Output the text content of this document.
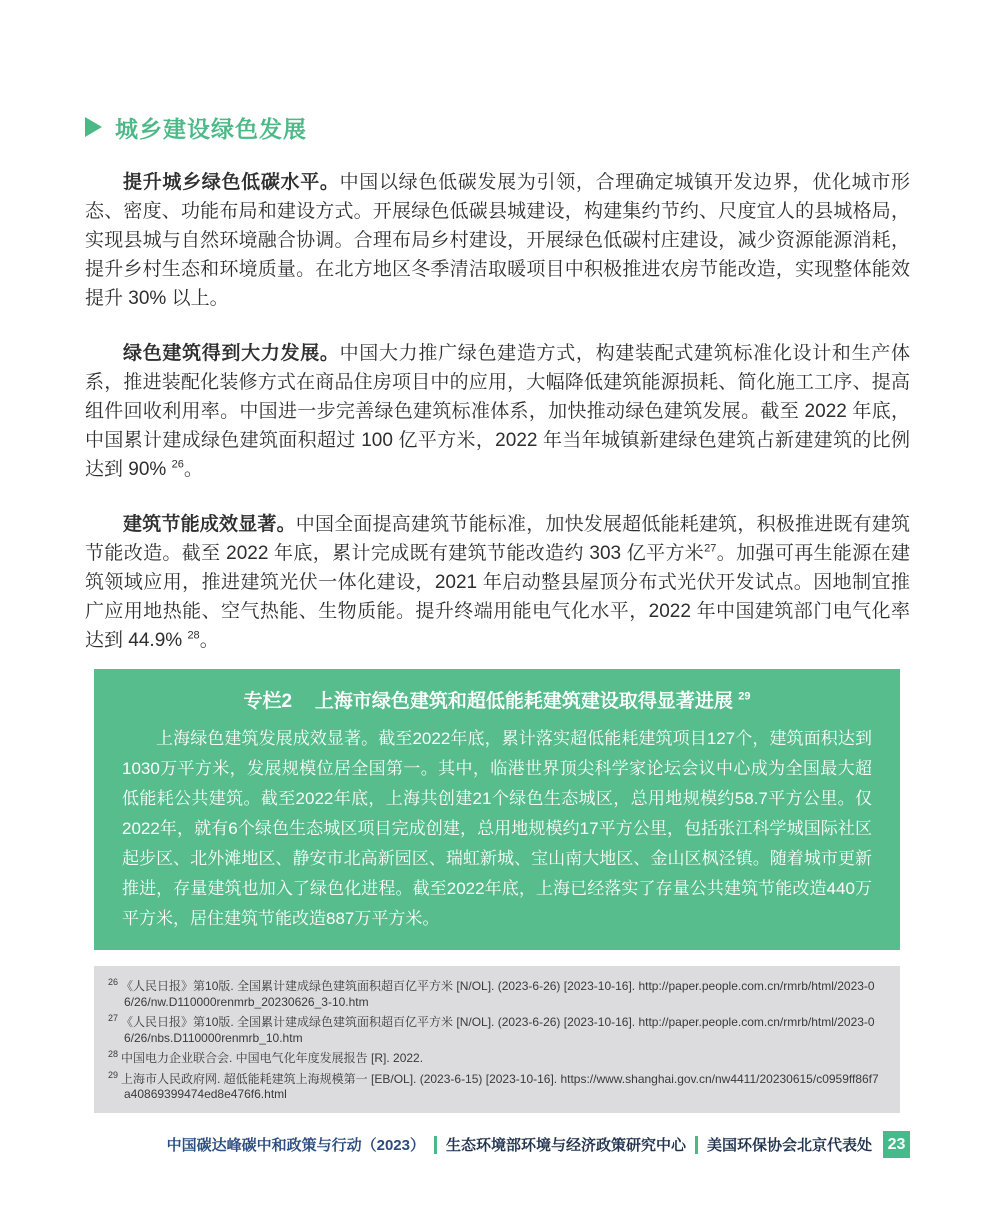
城乡建设绿色发展

提升城乡绿色低碳水平。中国以绿色低碳发展为引领，合理确定城镇开发边界，优化城市形态、密度、功能布局和建设方式。开展绿色低碳县城建设，构建集约节约、尺度宜人的县城格局，实现县城与自然环境融合协调。合理布局乡村建设，开展绿色低碳村庄建设，减少资源能源消耗，提升乡村生态和环境质量。在北方地区冬季清洁取暖项目中积极推进农房节能改造，实现整体能效提升 30% 以上。

绿色建筑得到大力发展。中国大力推广绿色建造方式，构建装配式建筑标准化设计和生产体系，推进装配化装修方式在商品住房项目中的应用，大幅降低建筑能源损耗、简化施工工序、提高组件回收利用率。中国进一步完善绿色建筑标准体系，加快推动绿色建筑发展。截至 2022 年底，中国累计建成绿色建筑面积超过 100 亿平方米，2022 年当年城镇新建绿色建筑占新建建筑的比例达到 90% $^{26}$。

建筑节能成效显著。中国全面提高建筑节能标准，加快发展超低能耗建筑，积极推进既有建筑节能改造。截至 2022 年底，累计完成既有建筑节能改造约 303 亿平方米$^{27}$。加强可再生能源在建筑领域应用，推进建筑光伏一体化建设，2021 年启动整县屋顶分布式光伏开发试点。因地制宜推广应用地热能、空气热能、生物质能。提升终端用能电气化水平，2022 年中国建筑部门电气化率达到 44.9% $^{28}$。

专栏2 上海市绿色建筑和超低能耗建筑建设取得显著进展 $^{29}$
上海绿色建筑发展成效显著。截至2022年底，累计落实超低能耗建筑项目127个，建筑面积达到1030万平方米，发展规模位居全国第一。其中，临港世界顶尖科学家论坛会议中心成为全国最大超低能耗公共建筑。截至2022年底，上海共创建21个绿色生态城区，总用地规模约58.7平方公里。仅2022年，就有6个绿色生态城区项目完成创建，总用地规模约17平方公里，包括张江科学城国际社区起步区、北外滩地区、静安市北高新园区、瑞虹新城、宝山南大地区、金山区枫泾镇。随着城市更新推进，存量建筑也加入了绿色化进程。截至2022年底，上海已经落实了存量公共建筑节能改造440万平方米，居住建筑节能改造887万平方米。
$^{26}$ 《人民日报》第10版. 全国累计建成绿色建筑面积超百亿平方米 [N/OL]. (2023-6-26) [2023-10-16]. http://paper.people.com.cn/rmrb/html/2023-06/26/nw.D110000renmrb_20230626_3-10.htm
$^{27}$ 《人民日报》第10版. 全国累计建成绿色建筑面积超百亿平方米 [N/OL]. (2023-6-26) [2023-10-16]. http://paper.people.com.cn/rmrb/html/2023-06/26/nbs.D110000renmrb_10.htm
$^{28}$ 中国电力企业联合会. 中国电气化年度发展报告 [R]. 2022.
$^{29}$ 上海市人民政府网. 超低能耗建筑上海规模第一 [EB/OL]. (2023-6-15) [2023-10-16]. https://www.shanghai.gov.cn/nw4411/20230615/c0959ff86f7a40869399474ed8e476f6.html
中国碳达峰碳中和政策与行动（2023） 生态环境部环境与经济政策研究中心 美国环保协会北京代表处 23
